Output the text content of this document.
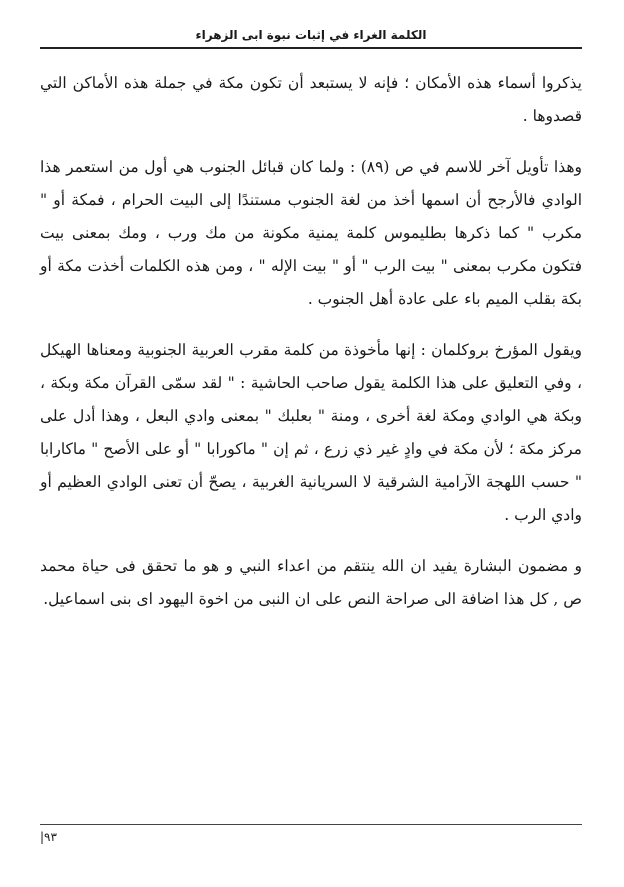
الكلمة الغراء في إثبات نبوة ابى الزهراء

يذكروا أسماء هذه الأمكان ؛ فإنه لا يستبعد أن تكون مكة في جملة هذه الأماكن التي قصدوها .

وهذا تأويل آخر للاسم في ص (٨٩) : ولما كان قبائل الجنوب هي أول من استعمر هذا الوادي فالأرجح أن اسمها أخذ من لغة الجنوب مستندًا إلى البيت الحرام ، فمكة أو " مكرب " كما ذكرها بطليموس كلمة يمنية مكونة من مك ورب ، ومك بمعنى بيت فتكون مكرب بمعنى " بيت الرب " أو " بيت الإله " ، ومن هذه الكلمات أخذت مكة أو بكة بقلب الميم باء على عادة أهل الجنوب .

ويقول المؤرخ بروكلمان : إنها مأخوذة من كلمة مقرب العربية الجنوبية ومعناها الهيكل ، وفي التعليق على هذا الكلمة يقول صاحب الحاشية : " لقد سمّى القرآن مكة وبكة ، وبكة هي الوادي ومكة لغة أخرى ، ومنة " بعلبك " بمعنى وادي البعل ، وهذا أدل على مركز مكة ؛ لأن مكة في وادٍ غير ذي زرع ، ثم إن " ماكورابا " أو على الأصح " ماكارابا " حسب اللهجة الآرامية الشرقية لا السريانية الغربية ، يصحّ أن تعنى الوادي العظيم أو وادي الرب .

و مضمون البشارة يفيد ان الله ينتقم من اعداء النبي و هو ما تحقق فى حياة محمد ص , كل هذا اضافة الى صراحة النص على ان النبى من اخوة اليهود اى بنى اسماعيل.

٩٣|
